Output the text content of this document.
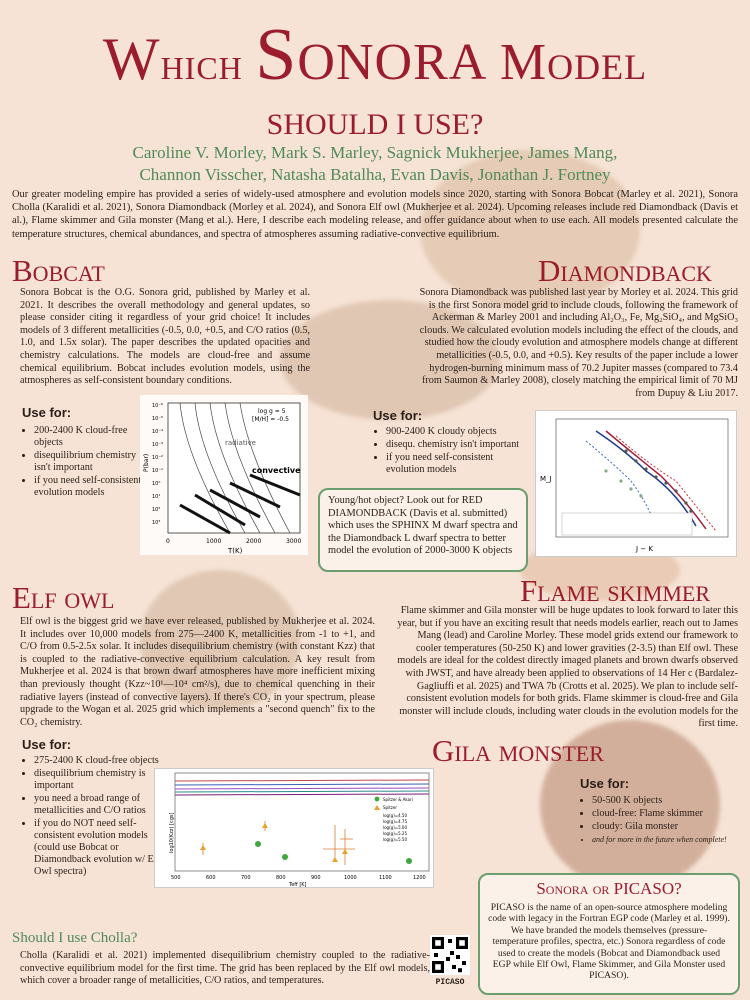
Which Sonora Model
SHOULD I USE?
Caroline V. Morley, Mark S. Marley, Sagnick Mukherjee, James Mang,
Channon Visscher, Natasha Batalha, Evan Davis, Jonathan J. Fortney
Our greater modeling empire has provided a series of widely-used atmosphere and evolution models since 2020, starting with Sonora Bobcat (Marley et al. 2021), Sonora Cholla (Karalidi et al. 2021), Sonora Diamondback (Morley et al. 2024), and Sonora Elf owl (Mukherjee et al. 2024). Upcoming releases include red Diamondback (Davis et al.), Flame skimmer and Gila monster (Mang et al.). Here, I describe each modeling release, and offer guidance about when to use each. All models presented calculate the temperature structures, chemical abundances, and spectra of atmospheres assuming radiative-convective equilibrium.
Bobcat
Sonora Bobcat is the O.G. Sonora grid, published by Marley et al. 2021. It describes the overall methodology and general updates, so please consider citing it regardless of your grid choice! It includes models of 3 different metallicities (-0.5, 0.0, +0.5, and C/O ratios (0.5, 1.0, and 1.5x solar). The paper describes the updated opacities and chemistry calculations. The models are cloud-free and assume chemical equilibrium. Bobcat includes evolution models, using the atmospheres as self-consistent boundary conditions.
Use for:
• 200-2400 K cloud-free objects
• disequilibrium chemistry isn't important
• if you need self-consistent evolution models
log g = 5
[M/H] = -0.5
radiative
convective
T(K)
P(bar)
0	1000	2000	3000
10⁻⁶
10⁻⁵
10⁻⁴
10⁻³
10⁻²
10⁻¹
10⁰
10¹
10²
10³
Diamondback
Sonora Diamondback was published last year by Morley et al. 2024. This grid is the first Sonora model grid to include clouds, following the framework of Ackerman & Marley 2001 and including Al₂O₃, Fe, Mg₂SiO₄, and MgSiO₃ clouds. We calculated evolution models including the effect of the clouds, and studied how the cloudy evolution and atmosphere models change at different metallicities (-0.5, 0.0, and +0.5). Key results of the paper include a lower hydrogen-burning minimum mass of 70.2 Jupiter masses (compared to 73.4 from Saumon & Marley 2008), closely matching the empirical limit of 70 MJ from Dupuy & Liu 2017.
Use for:
• 900-2400 K cloudy objects
• disequ. chemistry isn't important
• if you need self-consistent evolution models
Young/hot object? Look out for RED DIAMONDBACK (Davis et al. submitted) which uses the SPHINX M dwarf spectra and the Diamondback L dwarf spectra to better model the evolution of 2000-3000 K objects	J − K
M_J
Elf owl
Elf owl is the biggest grid we have ever released, published by Mukherjee et al. 2024. It includes over 10,000 models from 275—2400 K, metallicities from -1 to +1, and C/O from 0.5-2.5x solar. It includes disequilibrium chemistry (with constant Kzz) that is coupled to the radiative-convective equilibrium calculation. A key result from Mukherjee et al. 2024 is that brown dwarf atmospheres have more inefficient mixing than previously thought (Kzz~10¹—10⁴ cm²/s), due to chemical quenching in their radiative layers (instead of convective layers). If there's CO₂ in your spectrum, please upgrade to the Wogan et al. 2025 grid which implements a "second quench" fix to the CO₂ chemistry.
Use for:
• 275-2400 K cloud-free objects
• disequilibrium chemistry is important
• you need a broad range of metallicities and C/O ratios
• if you do NOT need self-consistent evolution models (could use Bobcat or Diamondback evolution w/ Elf Owl spectra)
Spitzer & Akari
Spitzer
log(g)=4.50
log(g)=4.75
log(g)=5.00
log(g)=5.25
log(g)=5.50
500	600	700	800	900	1000	1100	1200
Teff [K]
log10(Kzz) [cgs]
Flame skimmer
Flame skimmer and Gila monster will be huge updates to look forward to later this year, but if you have an exciting result that needs models earlier, reach out to James Mang (lead) and Caroline Morley. These model grids extend our framework to cooler temperatures (50-250 K) and lower gravities (2-3.5) than Elf owl. These models are ideal for the coldest directly imaged planets and brown dwarfs observed with JWST, and have already been applied to observations of 14 Her c (Bardalez-Gagliuffi et al. 2025) and TWA 7b (Crotts et al. 2025). We plan to include self-consistent evolution models for both grids. Flame skimmer is cloud-free and Gila monster will include clouds, including water clouds in the evolution models for the first time.
Gila monster
Use for:
• 50-500 K objects
• cloud-free: Flame skimmer
• cloudy: Gila monster
• and for more in the future when complete!
Should I use Cholla?
Cholla (Karalidi et al. 2021) implemented disequilibrium chemistry coupled to the radiative-convective equilibrium model for the first time. The grid has been replaced by the Elf owl models, which cover a broader range of metallicities, C/O ratios, and temperatures.	PICASO
Sonora or PICASO?
PICASO is the name of an open-source atmosphere modeling code with legacy in the Fortran EGP code (Marley et al. 1999). We have branded the models themselves (pressure-temperature profiles, spectra, etc.) Sonora regardless of code used to create the models (Bobcat and Diamondback used EGP while Elf Owl, Flame Skimmer, and Gila Monster used PICASO).
